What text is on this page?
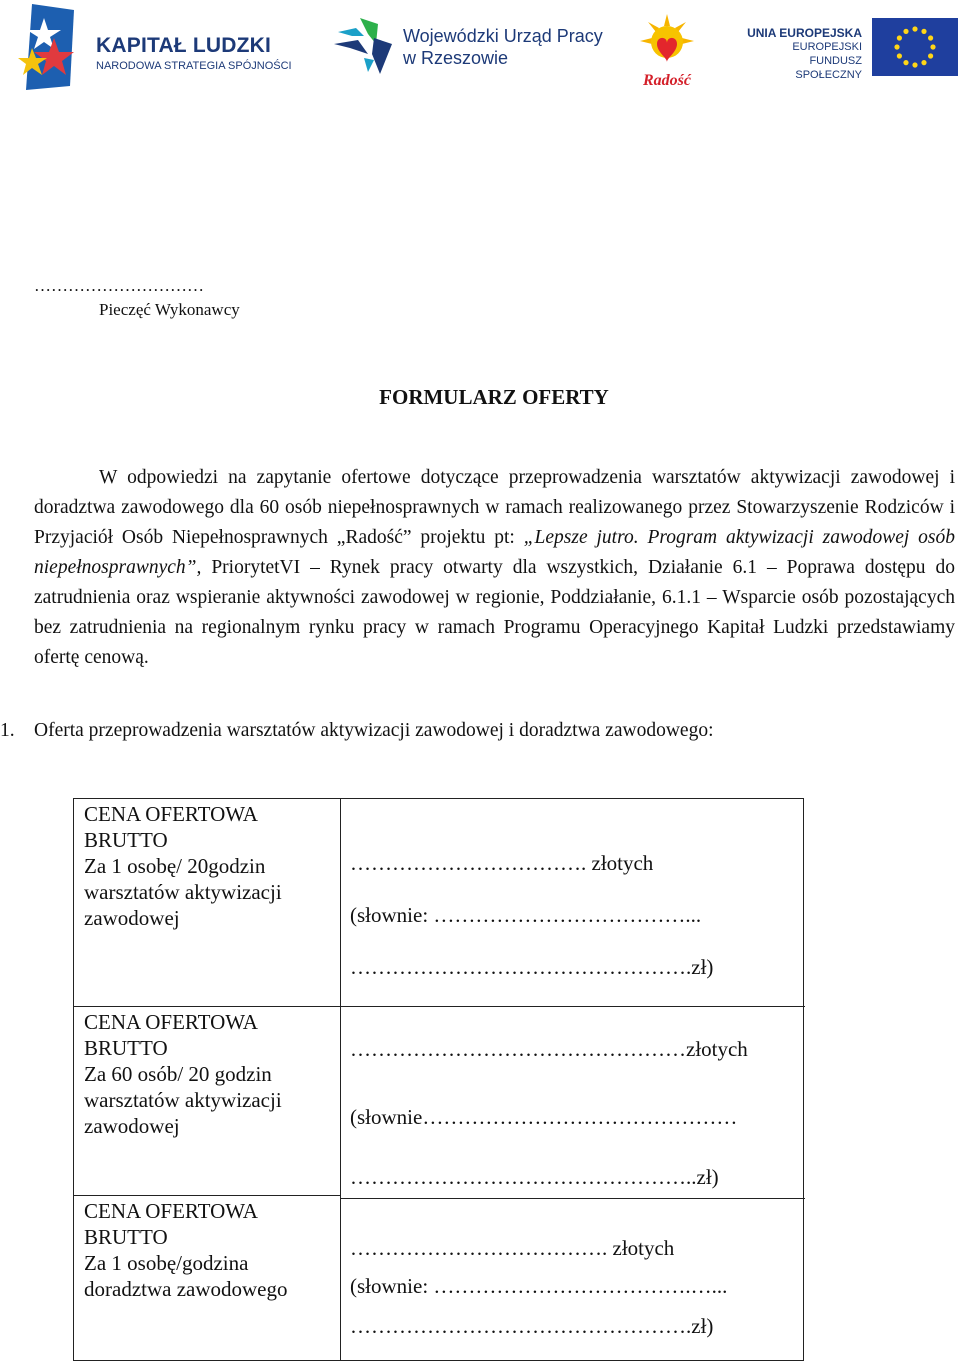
KAPITAŁ LUDZKI
NARODOWA STRATEGIA SPÓJNOŚCI
Wojewódzki Urząd Pracy
w Rzeszowie
Radość
UNIA EUROPEJSKA
EUROPEJSKI
FUNDUSZ SPOŁECZNY
…………………………
Pieczęć Wykonawcy
FORMULARZ OFERTY
W odpowiedzi na zapytanie ofertowe dotyczące przeprowadzenia warsztatów aktywizacji zawodowej i doradztwa zawodowego dla 60 osób niepełnosprawnych w ramach realizowanego przez Stowarzyszenie Rodziców i Przyjaciół Osób Niepełnosprawnych „Radość” projektu pt: „Lepsze jutro. Program aktywizacji zawodowej osób niepełnosprawnych”, PriorytetVI – Rynek pracy otwarty dla wszystkich, Działanie 6.1 – Poprawa dostępu do zatrudnienia oraz wspieranie aktywności zawodowej w regionie, Poddziałanie, 6.1.1 – Wsparcie osób pozostających bez zatrudnienia na regionalnym rynku pracy w ramach Programu Operacyjnego Kapitał Ludzki przedstawiamy ofertę cenową.
1. Oferta przeprowadzenia warsztatów aktywizacji zawodowej i doradztwa zawodowego:
CENA OFERTOWA
BRUTTO
Za 1 osobę/ 20godzin
warsztatów aktywizacji
zawodowej
……………………………. złotych
(słownie: ………………………………...
………………………………………….zł)
CENA OFERTOWA
BRUTTO
Za 60 osób/ 20 godzin
warsztatów aktywizacji
zawodowej
…………………………………………złotych
(słownie………………………………………
…………………………………………..zł)
CENA OFERTOWA
BRUTTO
Za 1 osobę/godzina
doradztwa zawodowego
………………………………. złotych
(słownie: ……………………………….…...
………………………………………….zł)
